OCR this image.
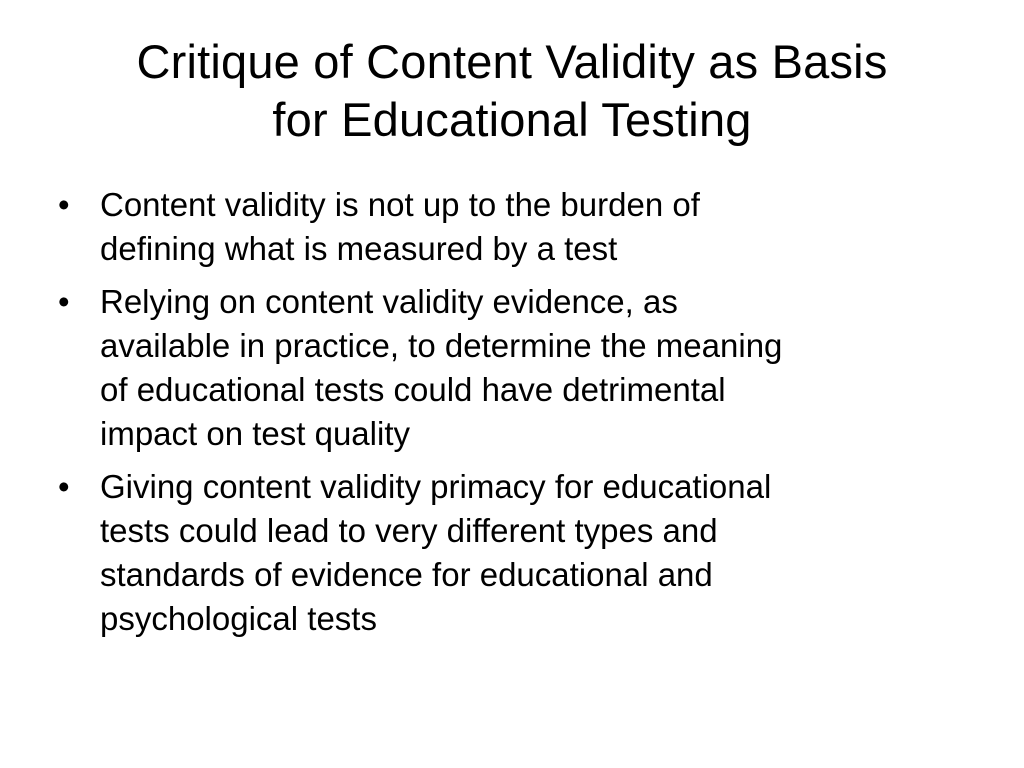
Critique of Content Validity as Basis
for Educational Testing
• Content validity is not up to the burden of
defining what is measured by a test
• Relying on content validity evidence, as
available in practice, to determine the meaning
of educational tests could have detrimental
impact on test quality
• Giving content validity primacy for educational
tests could lead to very different types and
standards of evidence for educational and
psychological tests
